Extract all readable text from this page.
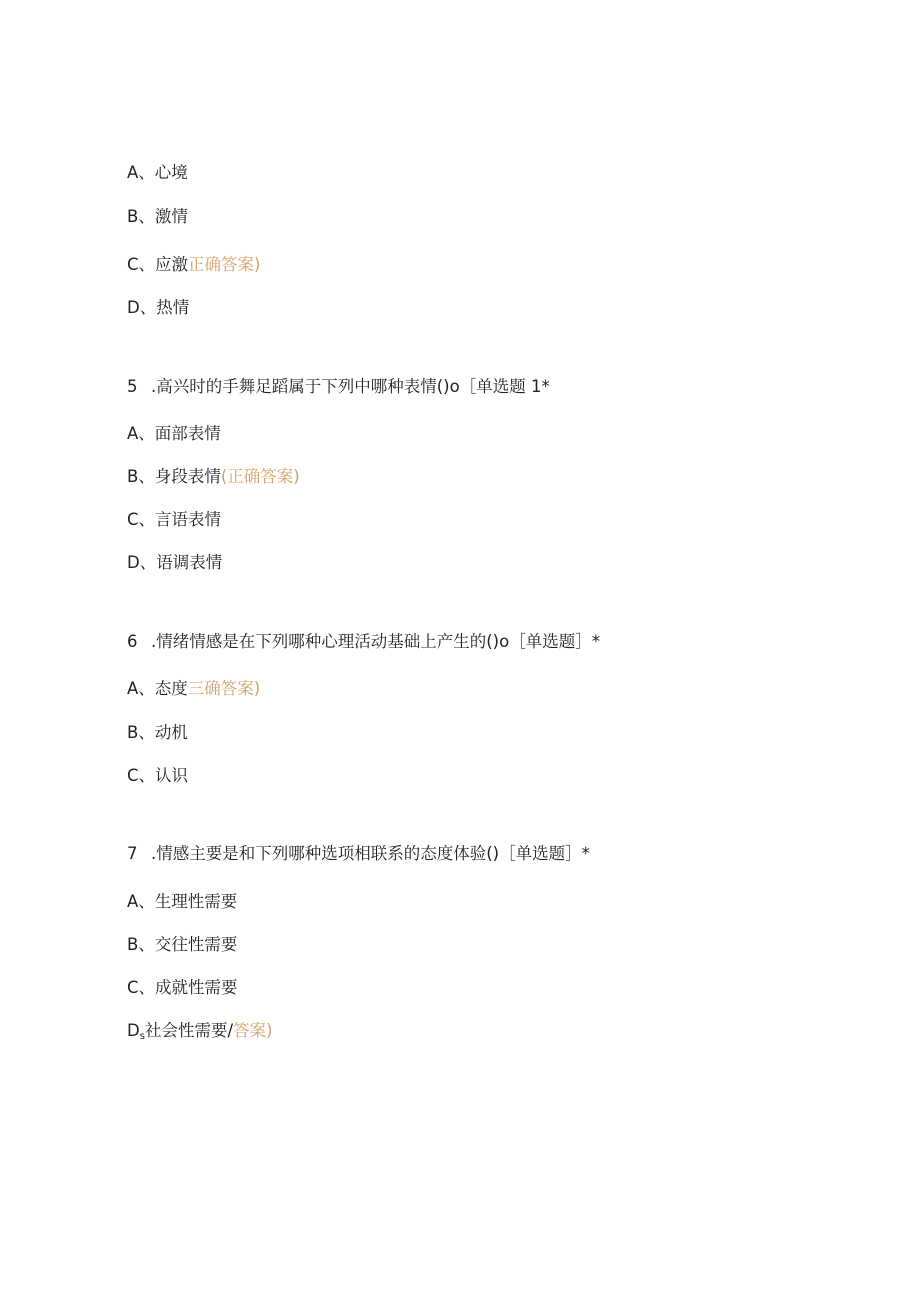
A、心境
B、激情
C、应激正确答案)
D、热情
5 .高兴时的手舞足蹈属于下列中哪种表情()o［单选题 1*
A、面部表情
B、身段表情(正确答案)
C、言语表情
D、语调表情
6 .情绪情感是在下列哪种心理活动基础上产生的()o［单选题］*
A、态度三确答案)
B、动机
C、认识
7 .情感主要是和下列哪种选项相联系的态度体验()［单选题］*
A、生理性需要
B、交往性需要
C、成就性需要
Ds社会性需要/答案)
